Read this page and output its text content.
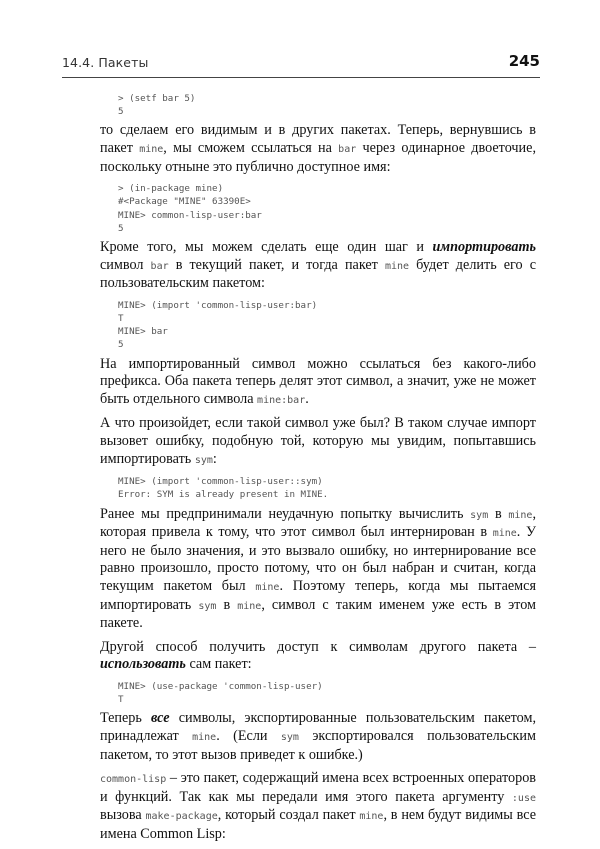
14.4. Пакеты	245
> (setf bar 5)
5

то сделаем его видимым и в других пакетах. Теперь, вернувшись в пакет mine, мы сможем ссылаться на bar через одинарное двоеточие, поскольку отныне это публично доступное имя:

> (in-package mine)
#<Package "MINE" 63390E>
MINE> common-lisp-user:bar
5

Кроме того, мы можем сделать еще один шаг и импортировать символ bar в текущий пакет, и тогда пакет mine будет делить его с пользовательским пакетом:

MINE> (import 'common-lisp-user:bar)
T
MINE> bar
5

На импортированный символ можно ссылаться без какого-либо префикса. Оба пакета теперь делят этот символ, а значит, уже не может быть отдельного символа mine:bar.

А что произойдет, если такой символ уже был? В таком случае импорт вызовет ошибку, подобную той, которую мы увидим, попытавшись импортировать sym:

MINE> (import 'common-lisp-user::sym)
Error: SYM is already present in MINE.

Ранее мы предпринимали неудачную попытку вычислить sym в mine, которая привела к тому, что этот символ был интернирован в mine. У него не было значения, и это вызвало ошибку, но интернирование все равно произошло, просто потому, что он был набран и считан, когда текущим пакетом был mine. Поэтому теперь, когда мы пытаемся импортировать sym в mine, символ с таким именем уже есть в этом пакете.

Другой способ получить доступ к символам другого пакета – использовать сам пакет:

MINE> (use-package 'common-lisp-user)
T

Теперь все символы, экспортированные пользовательским пакетом, принадлежат mine. (Если sym экспортировался пользовательским пакетом, то этот вызов приведет к ошибке.)

common-lisp – это пакет, содержащий имена всех встроенных операторов и функций. Так как мы передали имя этого пакета аргументу :use вызова make-package, который создал пакет mine, в нем будут видимы все имена Common Lisp:
